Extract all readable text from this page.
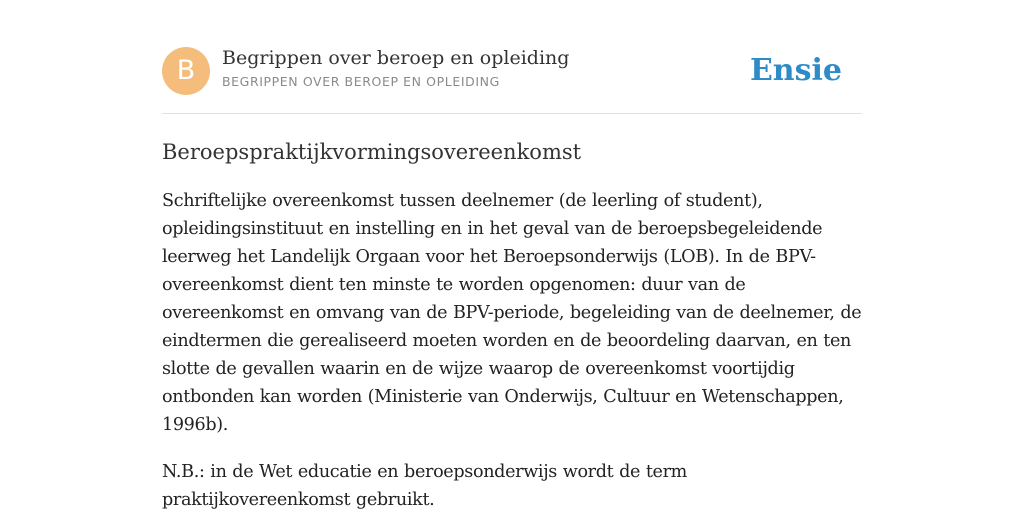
B	Begrippen over beroep en opleiding
BEGRIPPEN OVER BEROEP EN OPLEIDING	Ensie
Beroepspraktijkvormingsovereenkomst

Schriftelijke overeenkomst tussen deelnemer (de leerling of student),
opleidingsinstituut en instelling en in het geval van de beroepsbegeleidende
leerweg het Landelijk Orgaan voor het Beroepsonderwijs (LOB). In de BPV-
overeenkomst dient ten minste te worden opgenomen: duur van de
overeenkomst en omvang van de BPV-periode, begeleiding van de deelnemer, de
eindtermen die gerealiseerd moeten worden en de beoordeling daarvan, en ten
slotte de gevallen waarin en de wijze waarop de overeenkomst voortijdig
ontbonden kan worden (Ministerie van Onderwijs, Cultuur en Wetenschappen,
1996b).

N.B.: in de Wet educatie en beroepsonderwijs wordt de term
praktijkovereenkomst gebruikt.
